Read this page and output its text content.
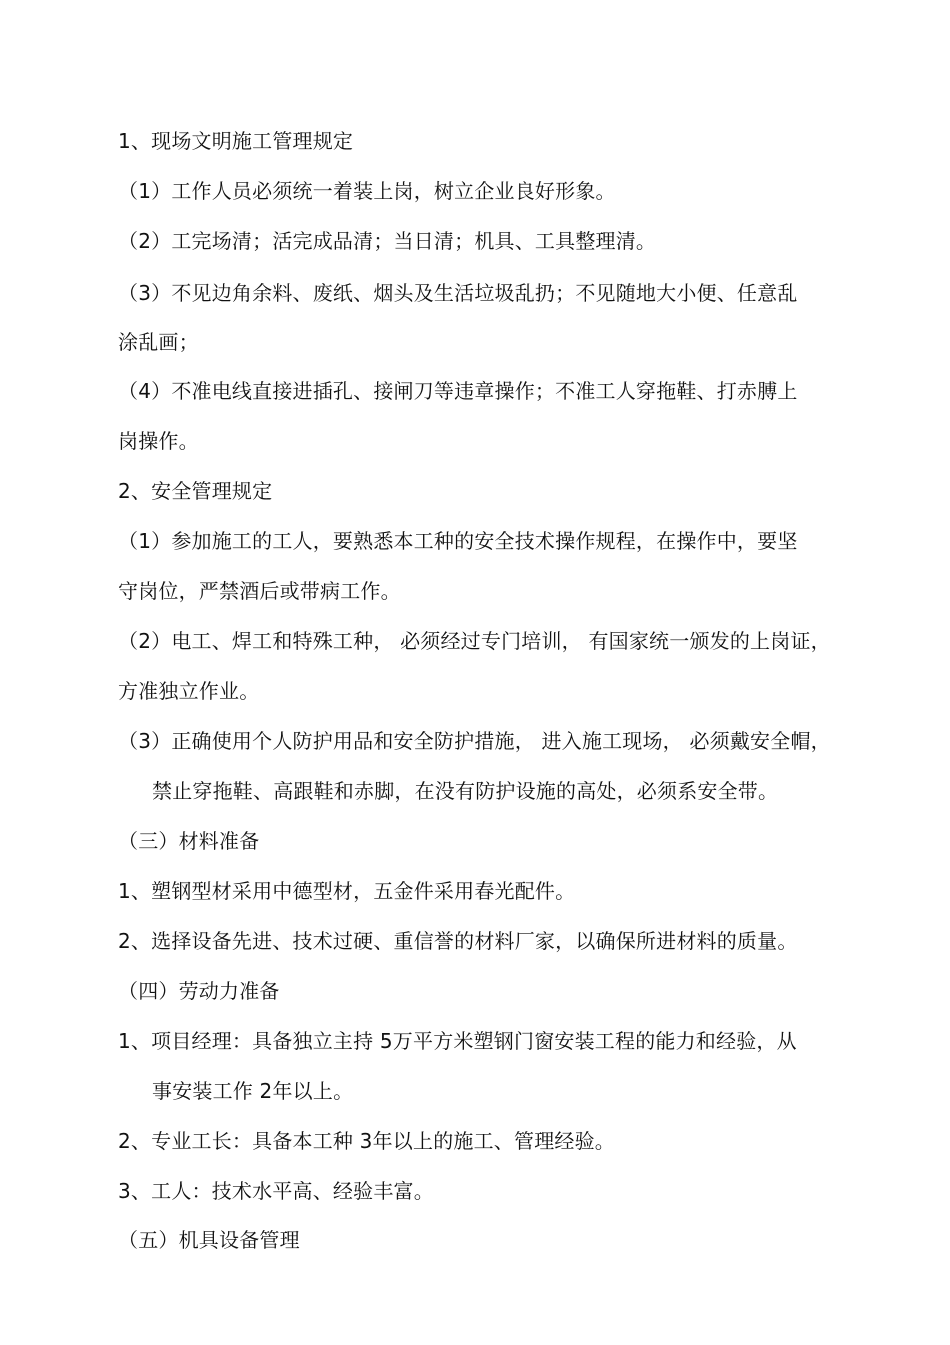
1、现场文明施工管理规定
（1）工作人员必须统一着装上岗，树立企业良好形象。
（2）工完场清；活完成品清；当日清；机具、工具整理清。
（3）不见边角余料、废纸、烟头及生活垃圾乱扔；不见随地大小便、任意乱
涂乱画；
（4）不准电线直接进插孔、接闸刀等违章操作；不准工人穿拖鞋、打赤膊上
岗操作。
2、安全管理规定
（1）参加施工的工人，要熟悉本工种的安全技术操作规程，在操作中，要坚
守岗位，严禁酒后或带病工作。
（2）电工、焊工和特殊工种， 必须经过专门培训， 有国家统一颁发的上岗证，
方准独立作业。
（3）正确使用个人防护用品和安全防护措施， 进入施工现场， 必须戴安全帽，
禁止穿拖鞋、高跟鞋和赤脚，在没有防护设施的高处，必须系安全带。
（三）材料准备
1、塑钢型材采用中德型材，五金件采用春光配件。
2、选择设备先进、技术过硬、重信誉的材料厂家，以确保所进材料的质量。
（四）劳动力准备
1、项目经理：具备独立主持 5万平方米塑钢门窗安装工程的能力和经验，从
事安装工作 2年以上。
2、专业工长：具备本工种 3年以上的施工、管理经验。
3、工人：技术水平高、经验丰富。
（五）机具设备管理
